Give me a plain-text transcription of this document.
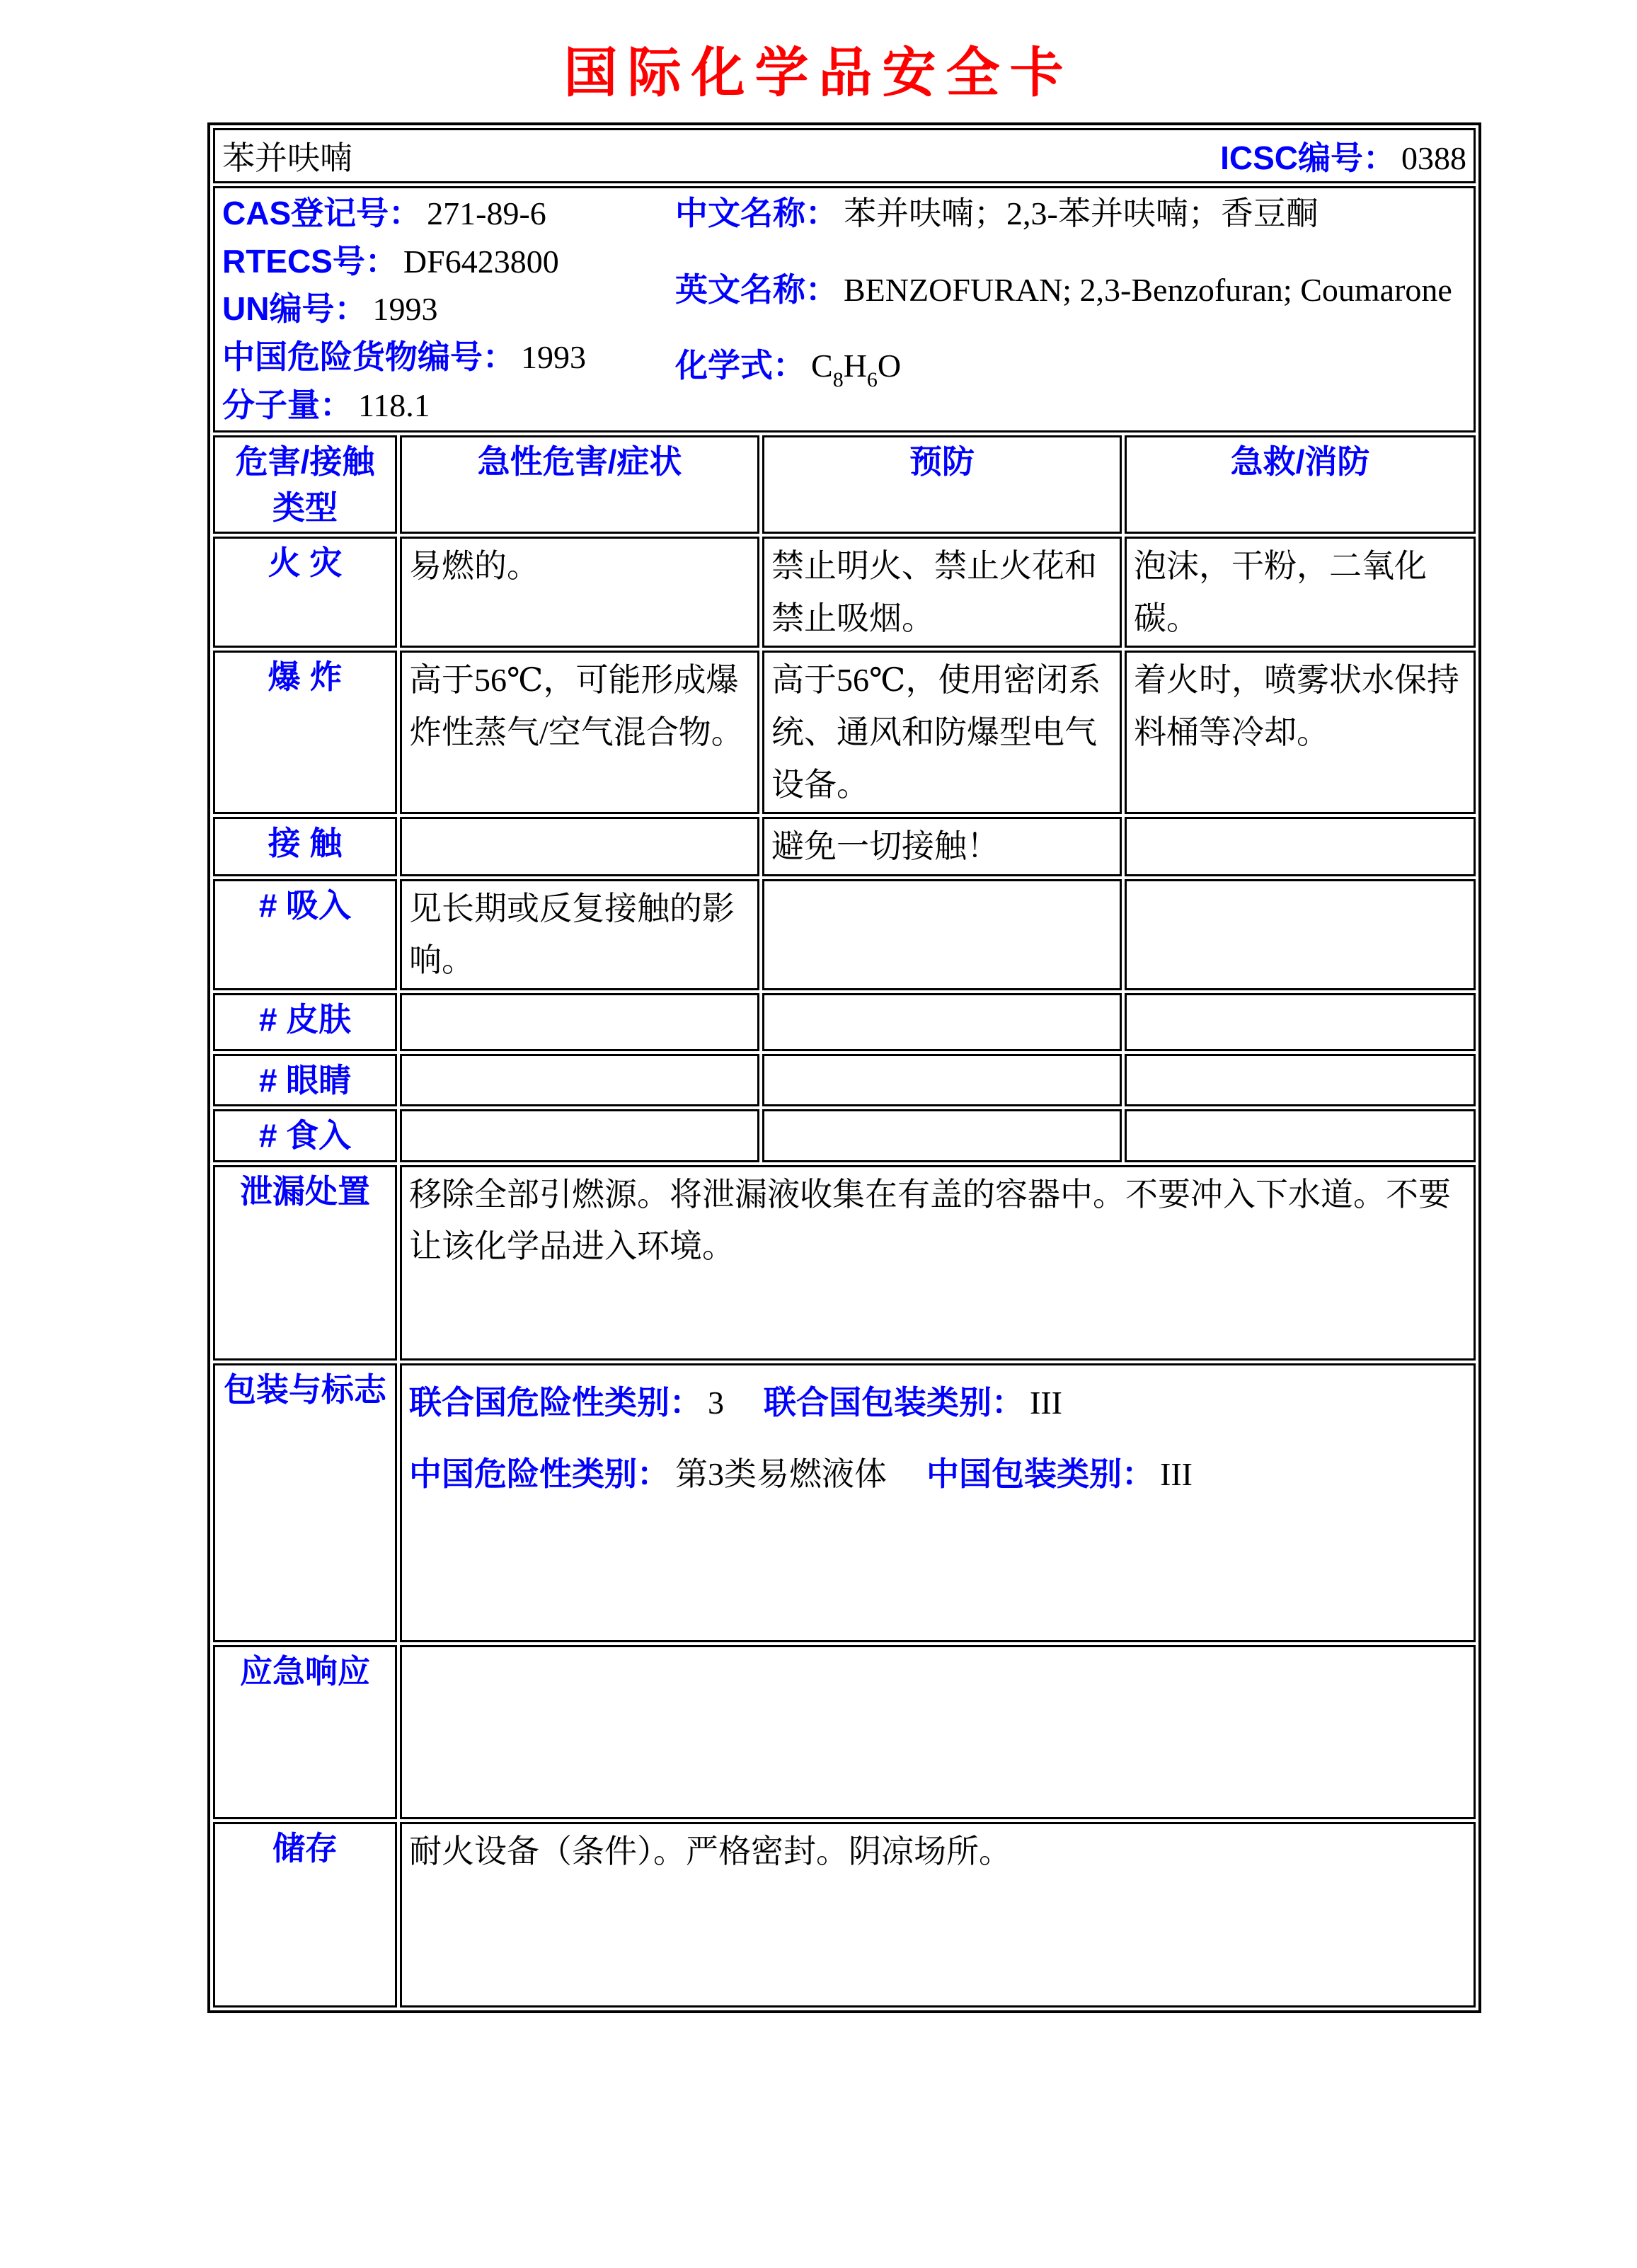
国际化学品安全卡
苯并呋喃 ICSC编号： 0388			

CAS登记号： 271-89-6
RTECS号： DF6423800
UN编号： 1993
中国危险货物编号： 1993
分子量： 118.1
中文名称： 苯并呋喃；2,3-苯并呋喃；香豆酮
英文名称： BENZOFURAN; 2,3-Benzofuran; Coumarone
化学式： $C_8H_6O$

危害/接触
类型	急性危害/症状	预防	急救/消防
火 灾	易燃的。	禁止明火、禁止火花和禁止吸烟。	泡沫，干粉，二氧化碳。
爆 炸	高于56℃，可能形成爆炸性蒸气/空气混合物。	高于56℃，使用密闭系统、通风和防爆型电气设备。	着火时，喷雾状水保持料桶等冷却。
接 触		避免一切接触！	
# 吸入	见长期或反复接触的影响。		
# 皮肤			
# 眼睛			
# 食入			
泄漏处置	移除全部引燃源。将泄漏液收集在有盖的容器中。不要冲入下水道。不要让该化学品进入环境。		
包装与标志	联合国危险性类别： 3 联合国包装类别： III
中国危险性类别： 第3类易燃液体 中国包装类别： III		

应急响应			
储存	耐火设备（条件）。严格密封。阴凉场所。		
